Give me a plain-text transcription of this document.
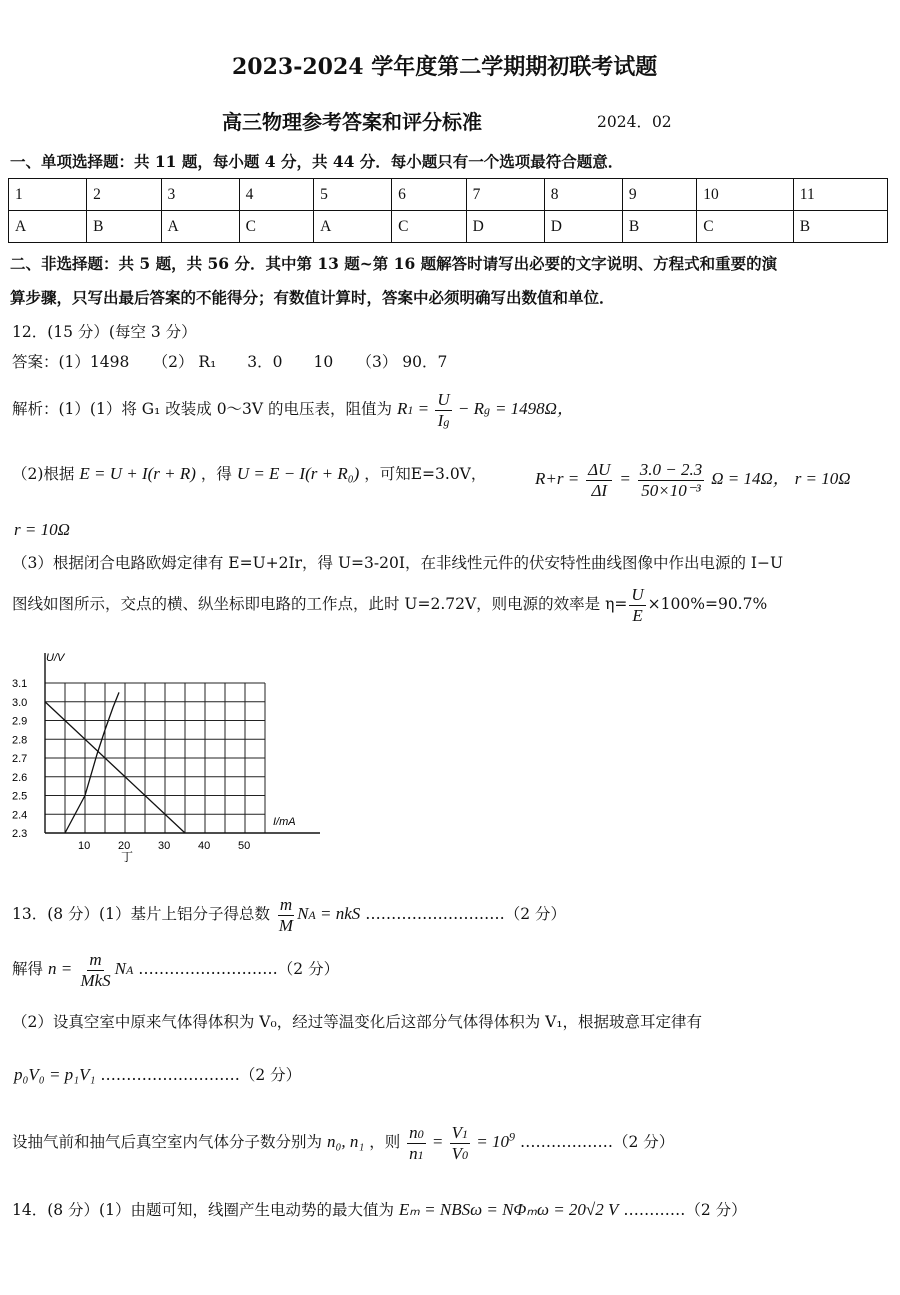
2023-2024 学年度第二学期期初联考试题
高三物理参考答案和评分标准	2024．02
一、单项选择题：共 11 题，每小题 4 分，共 44 分．每小题只有一个选项最符合题意．
1	2	3	4	5	6	7	8	9	10	11
A	B	A	C	A	C	D	D	B	C	B
二、非选择题：共 5 题，共 56 分．其中第 13 题~第 16 题解答时请写出必要的文字说明、方程式和重要的演
算步骤，只写出最后答案的不能得分；有数值计算时，答案中必须明确写出数值和单位．
12．(15 分）(每空 3 分）
答案：(1）1498　　（2） R₁　　3．0　　10　　（3） 90．7
解析：(1）(1）将 G₁ 改装成 0～3V 的电压表，阻值为 $R1 = \frac{U}{Ig} - Rg = 1498\Omega$，
（2)根据 E = U + I(r + R) ，得 U = E − I(r + R₀) ，可知E=3.0V，	$R+r = \frac{\Delta U}{\Delta I} = \frac{3.0 - 2.3}{\text{50×10⁻³}}$ Ω = 14Ω， r = 10Ω
r = 10Ω
（3）根据闭合电路欧姆定律有 E=U+2Ir，得 U=3-20I，在非线性元件的伏安特性曲线图像中作出电源的 I−U
图线如图所示，交点的横、纵坐标即电路的工作点，此时 U=2.72V，则电源的效率是 $\eta= \frac{U}{E} \times 100\%=90.7\%$
2.3
2.4
2.5
2.6
2.7
2.8
2.9
3.0
3.1
10	20	30	40	50
U/V
I/mA
丁
13．(8 分）(1）基片上铝分子得总数 $\frac{m}{M}$ NA = nkS ………………………（2 分）
解得 $n = \frac{m}{\text{MkS}}$ NA ………………………（2 分）
（2）设真空室中原来气体得体积为 V₀，经过等温变化后这部分气体得体积为 V₁，根据玻意耳定律有
p₀V₀ = p₁V₁ ………………………（2 分）
设抽气前和抽气后真空室内气体分子数分别为 n₀, n₁ ，则 $\frac{n0}{n1} = \frac{V1}{V0} = 10^9$ ………………（2 分）
14．(8 分）(1）由题可知，线圈产生电动势的最大值为 Eₘ = NBSω = NΦₘω = 20√2 V …………（2 分）
